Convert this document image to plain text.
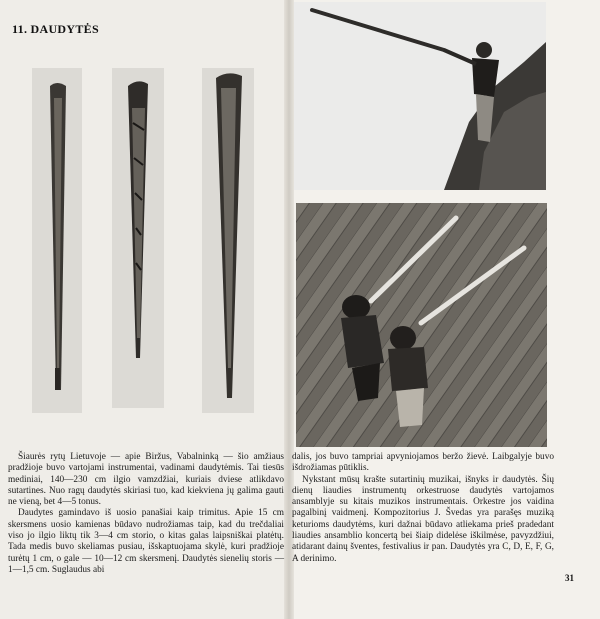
11. DAUDYTĖS

Šiaurės rytų Lietuvoje — apie Biržus, Vabalninką — šio amžiaus pradžioje buvo vartojami instrumentai, vadinami daudytėmis. Tai tiesūs mediniai, 140—230 cm ilgio vamzdžiai, kuriais dviese atlikdavo sutartines. Nuo ragų daudytės skiriasi tuo, kad kiekviena jų galima gauti ne vieną, bet 4—5 tonus.

Daudytes gamindavo iš uosio panašiai kaip trimitus. Apie 15 cm skersmens uosio kamienas būdavo nudrožiamas taip, kad du trečdaliai viso jo ilgio liktų tik 3—4 cm storio, o kitas galas laipsniškai platėtų. Tada medis buvo skeliamas pusiau, išskaptuojama skylė, kuri pradžioje turėtų 1 cm, o gale — 10—12 cm skersmenį. Daudytės sienelių storis — 1—1,5 cm. Suglaudus abi

dalis, jos buvo tampriai apvyniojamos beržo žievė. Laibgalyje buvo išdrožiamas pūtiklis.

Nykstant mūsų krašte sutartinių muzikai, išnyks ir daudytės. Šių dienų liaudies instrumentų orkestruose daudytės vartojamos ansamblyje su kitais muzikos instrumentais. Orkestre jos vaidina pagalbinį vaidmenį. Kompozitorius J. Švedas yra parašęs muziką keturioms daudytėms, kuri dažnai būdavo atliekama prieš pradedant liaudies ansamblio koncertą bei šiaip didelėse iškilmėse, pavyzdžiui, atidarant dainų šventes, festivalius ir pan. Daudytės yra C, D, E, F, G, A derinimo.

31
